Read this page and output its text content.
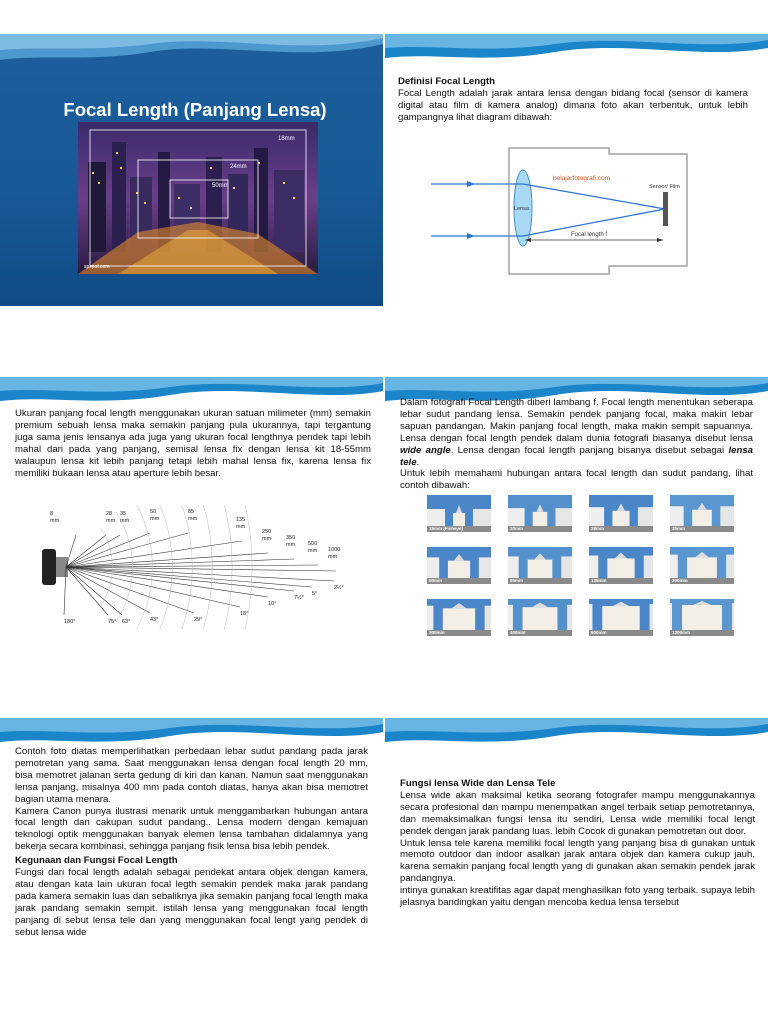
Focal Length (Panjang Lensa)
18mm
24mm
50mm
spspot.com

Definisi Focal Length

Focal Length adalah jarak antara lensa dengan bidang focal (sensor di kamera digital atau film di kamera analog) dimana foto akan terbentuk, untuk lebih gampangnya lihat diagram dibawah:

belajarfotografi.com
Lensa
Sensor/ Film
Focal length f
Ukuran panjang focal length menggunakan ukuran satuan milimeter (mm) semakin premium sebuah lensa maka semakin panjang pula ukurannya, tapi tergantung juga sama jenis lensanya ada juga yang ukuran focal lengthnya pendek tapi lebih mahal dari pada yang panjang, semisal lensa fix dengan lensa kit 18-55mm walaupun lensa kit lebih panjang tetapi lebih mahal lensa fix, karena lensa fix memiliki bukaan lensa atau aperture lebih besar.
8
mm
180°
28
mm
75°
35
mm
63°
50
mm
43°
85
mm
29°
135
mm
18°
250
mm
10°
350
mm
7½°
500
mm
5°
1000
mm
2½°

Dalam fotografi Focal Length diberi lambang f. Focal length menentukan seberapa lebar sudut pandang lensa. Semakin pendek panjang focal, maka makin lebar sapuan pandangan. Makin panjang focal length, maka makin sempit sapuannya. Lensa dengan focal length pendek dalam dunia fotografi biasanya disebut lensa wide angle. Lensa dengan focal length panjang bisanya disebut sebagai lensa tele.

Untuk lebih memahami hubungan antara focal length dan sudut pandang, lihat contoh dibawah:

15mm (Fisheye)	20mm	28mm	35mm
50mm	85mm	135mm	200mm
300mm	400mm	600mm	1200mm

Contoh foto diatas memperlihatkan perbedaan lebar sudut pandang pada jarak pemotretan yang sama. Saat menggunakan lensa dengan focal length 20 mm, bisa memotret jalanan serta gedung di kiri dan kanan. Namun saat menggunakan lensa panjang, misalnya 400 mm pada contoh diatas, hanya akan bisa memotret bagian utama menara.

Kamera Canon punya ilustrasi menarik untuk menggambarkan hubungan antara focal length dan cakupan sudut pandang.. Lensa modern dengan kemajuan teknologi optik menggunakan banyak elemen lensa tambahan didalamnya yang bekerja secara kombinasi, sehingga panjang fisik lensa bisa lebih pendek.

Kegunaan dan Fungsi Focal Length

Fungsi dari focal length adalah sebagai pendekat antara objek dengan kamera, atau dengan kata lain ukuran focal legth semakin pendek maka jarak pandang pada kamera semakin luas dan sebaliknya jika semakin panjang focal length maka jarak pandang semakin sempit. istilah lensa yang menggunakan focal length panjang di sebut lensa tele dan yang menggunakan focal lengt yang pendek di sebut lensa wide

Fungsi lensa Wide dan Lensa Tele

Lensa wide akan maksimal ketika seorang fotografer mampu menggunakannya secara profesional dan mampu menempatkan angel terbaik setiap pemotretannya, dan memaksimalkan fungsi lensa itu sendiri, Lensa wide memiliki focal lengt pendek dengan jarak pandang luas. lebih Cocok di gunakan pemotretan out door.

Untuk lensa tele karena memiliki focal length yang panjang bisa di gunakan untuk memoto outdoor dan indoor asalkan jarak antara objek dan kamera cukup jauh, karena semakin panjang focal length yang di gunakan akan semakin pendek jarak pandangnya.

intinya gunakan kreatifitas agar dapat menghasilkan foto yang terbaik. supaya lebih jelasnya bandingkan yaitu dengan mencoba kedua lensa tersebut
